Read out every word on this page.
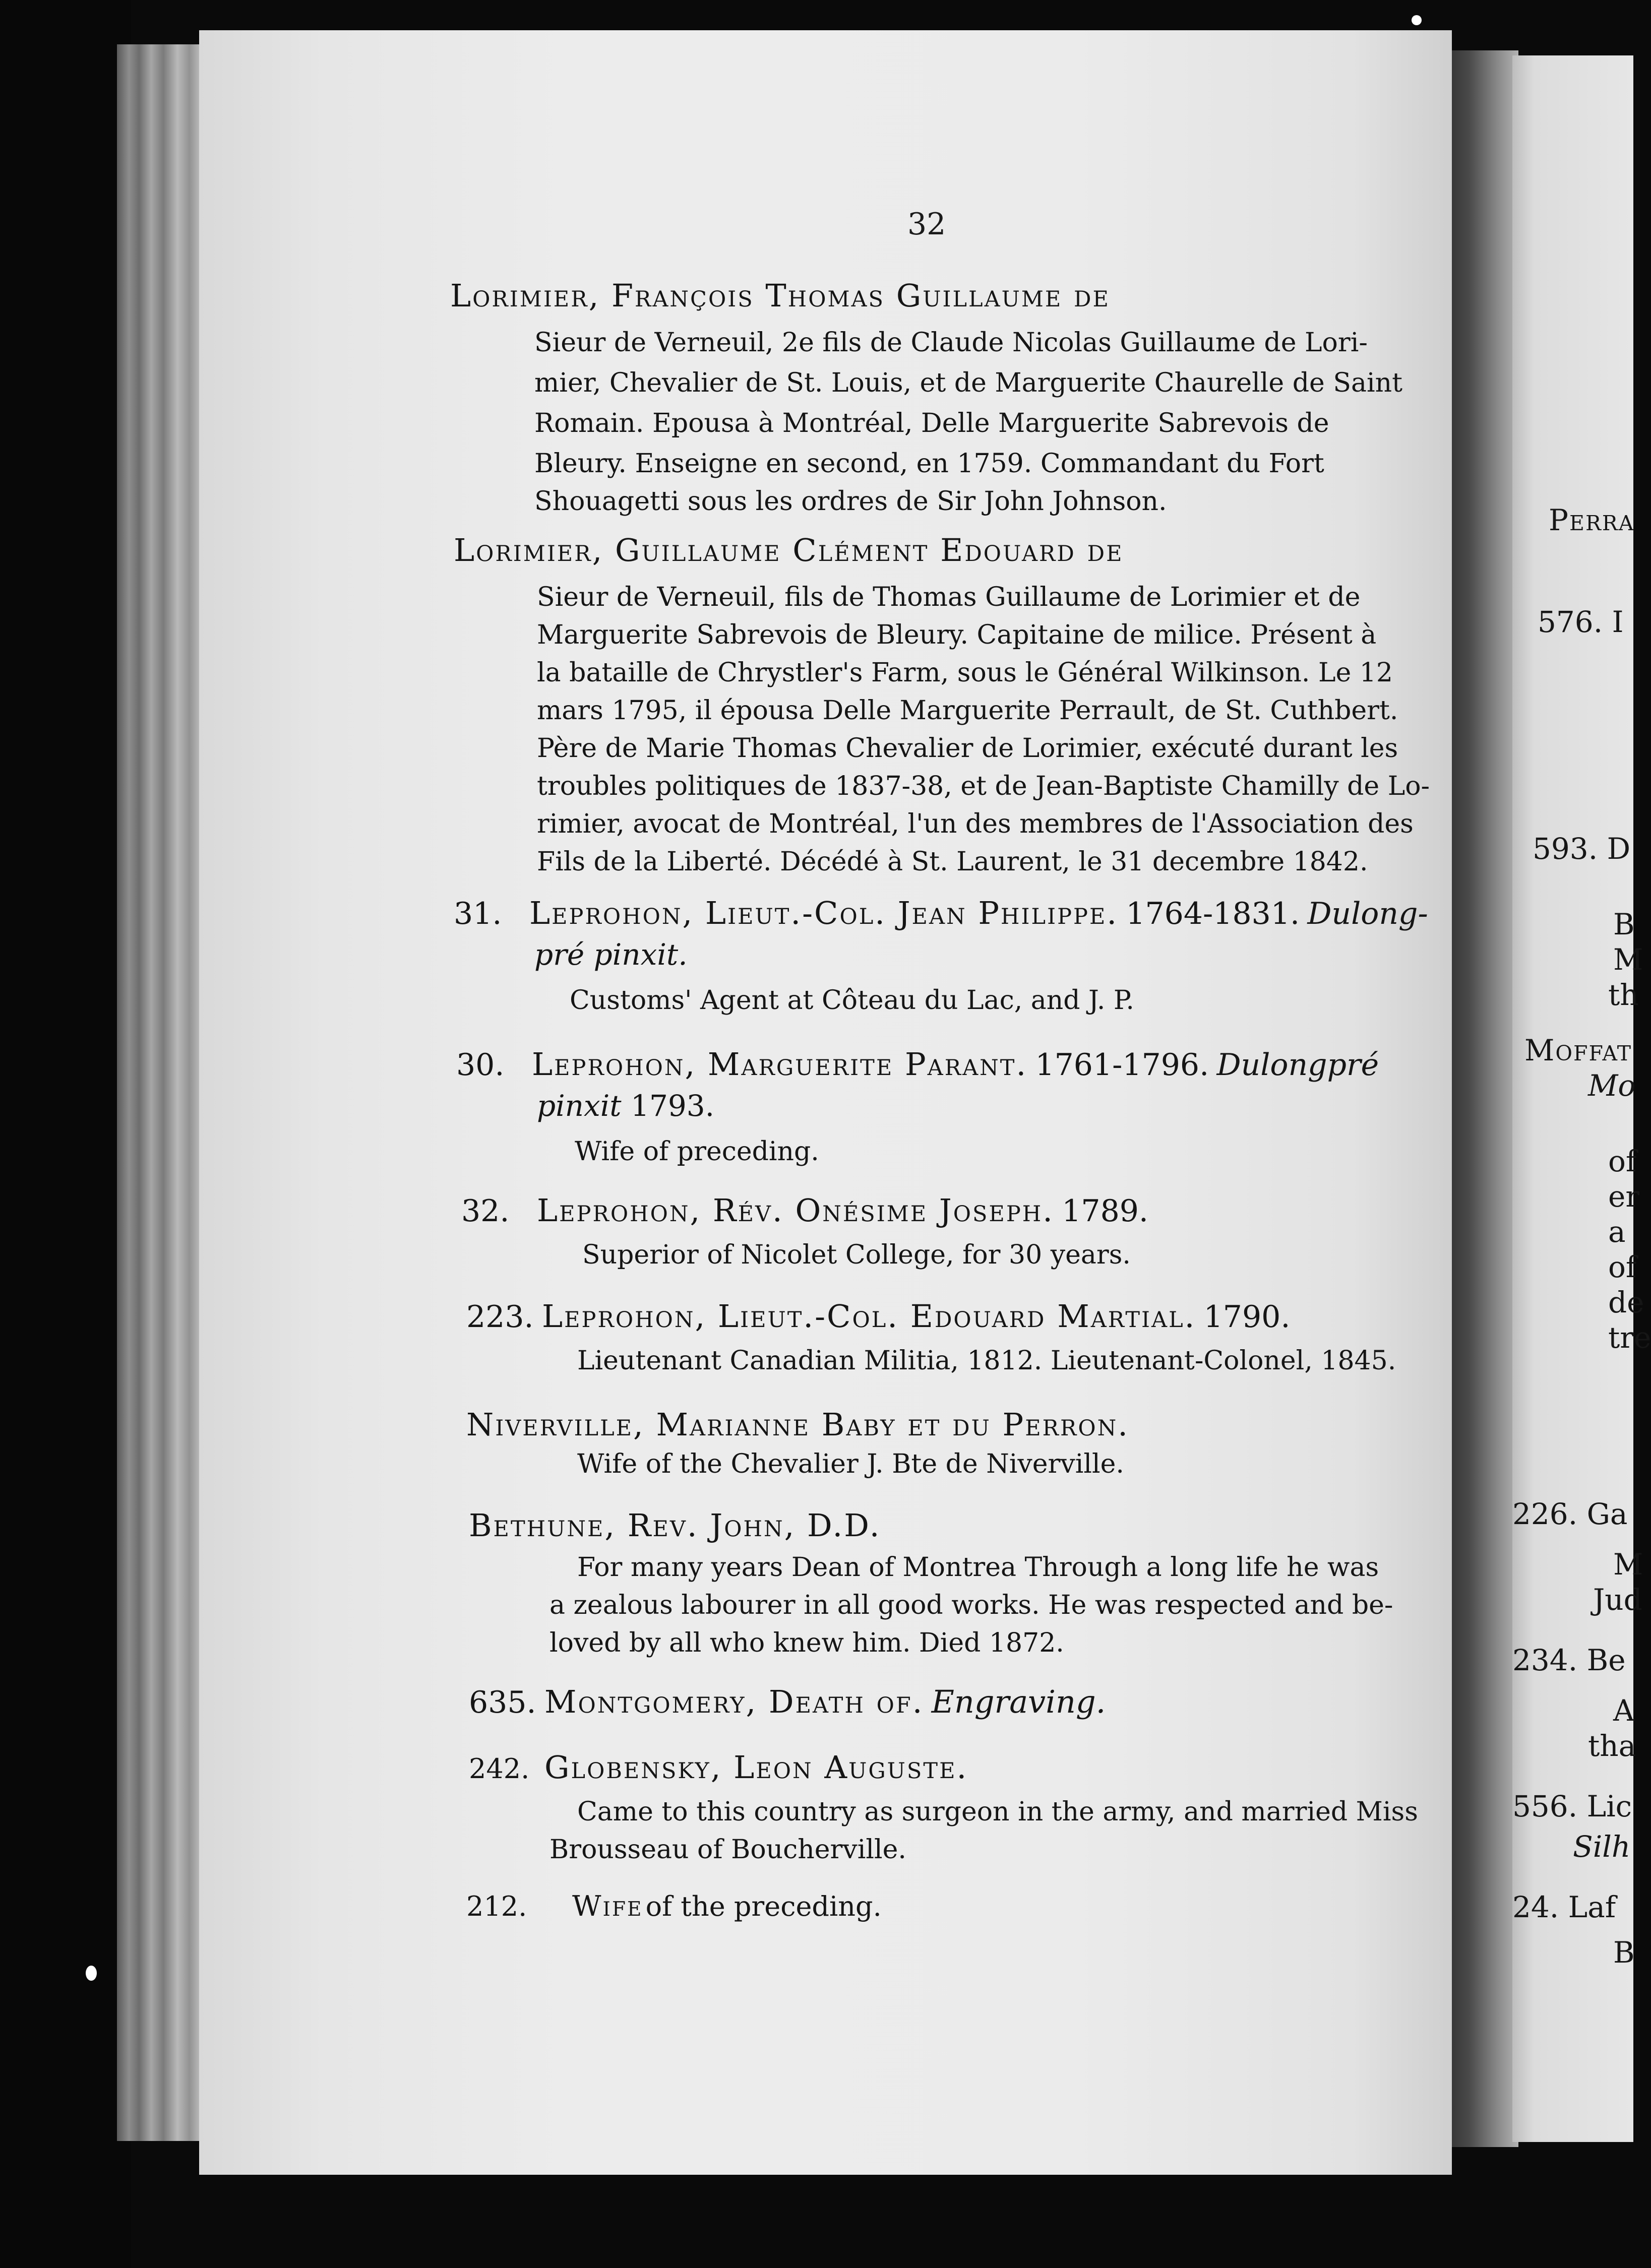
Perra
576. I
593. D
B
M
th
Moffat
Mo
of
er
a
of
de
tre
226. Ga
M
Jud
234. Be
A
tha
556. Lic
Silh
24. Laf
B
32
Lorimier, François Thomas Guillaume de
Sieur de Verneuil, 2e fils de Claude Nicolas Guillaume de Lori-
mier, Chevalier de St. Louis, et de Marguerite Chaurelle de Saint
Romain. Epousa à Montréal, Delle Marguerite Sabrevois de
Bleury. Enseigne en second, en 1759. Commandant du Fort
Shouagetti sous les ordres de Sir John Johnson.
Lorimier, Guillaume Clément Edouard de
Sieur de Verneuil, fils de Thomas Guillaume de Lorimier et de
Marguerite Sabrevois de Bleury. Capitaine de milice. Présent à
la bataille de Chrystler's Farm, sous le Général Wilkinson. Le 12
mars 1795, il épousa Delle Marguerite Perrault, de St. Cuthbert.
Père de Marie Thomas Chevalier de Lorimier, exécuté durant les
troubles politiques de 1837-38, et de Jean-Baptiste Chamilly de Lo-
rimier, avocat de Montréal, l'un des membres de l'Association des
Fils de la Liberté. Décédé à St. Laurent, le 31 decembre 1842.
31. Leprohon, Lieut.-Col. Jean Philippe. 1764-1831. Dulong-
pré pinxit.
Customs' Agent at Côteau du Lac, and J. P.
30. Leprohon, Marguerite Parant. 1761-1796. Dulongpré
pinxit 1793.
Wife of preceding.
32. Leprohon, Rév. Onésime Joseph. 1789.
Superior of Nicolet College, for 30 years.
223. Leprohon, Lieut.-Col. Edouard Martial. 1790.
Lieutenant Canadian Militia, 1812. Lieutenant-Colonel, 1845.
Niverville, Marianne Baby et du Perron.
Wife of the Chevalier J. Bte de Niverville.
Bethune, Rev. John, D.D.
For many years Dean of Montrea Through a long life he was
a zealous labourer in all good works. He was respected and be-
loved by all who knew him. Died 1872.
635. Montgomery, Death of. Engraving.
242. Globensky, Leon Auguste.
Came to this country as surgeon in the army, and married Miss
Brousseau of Boucherville.
212. Wife of the preceding.
